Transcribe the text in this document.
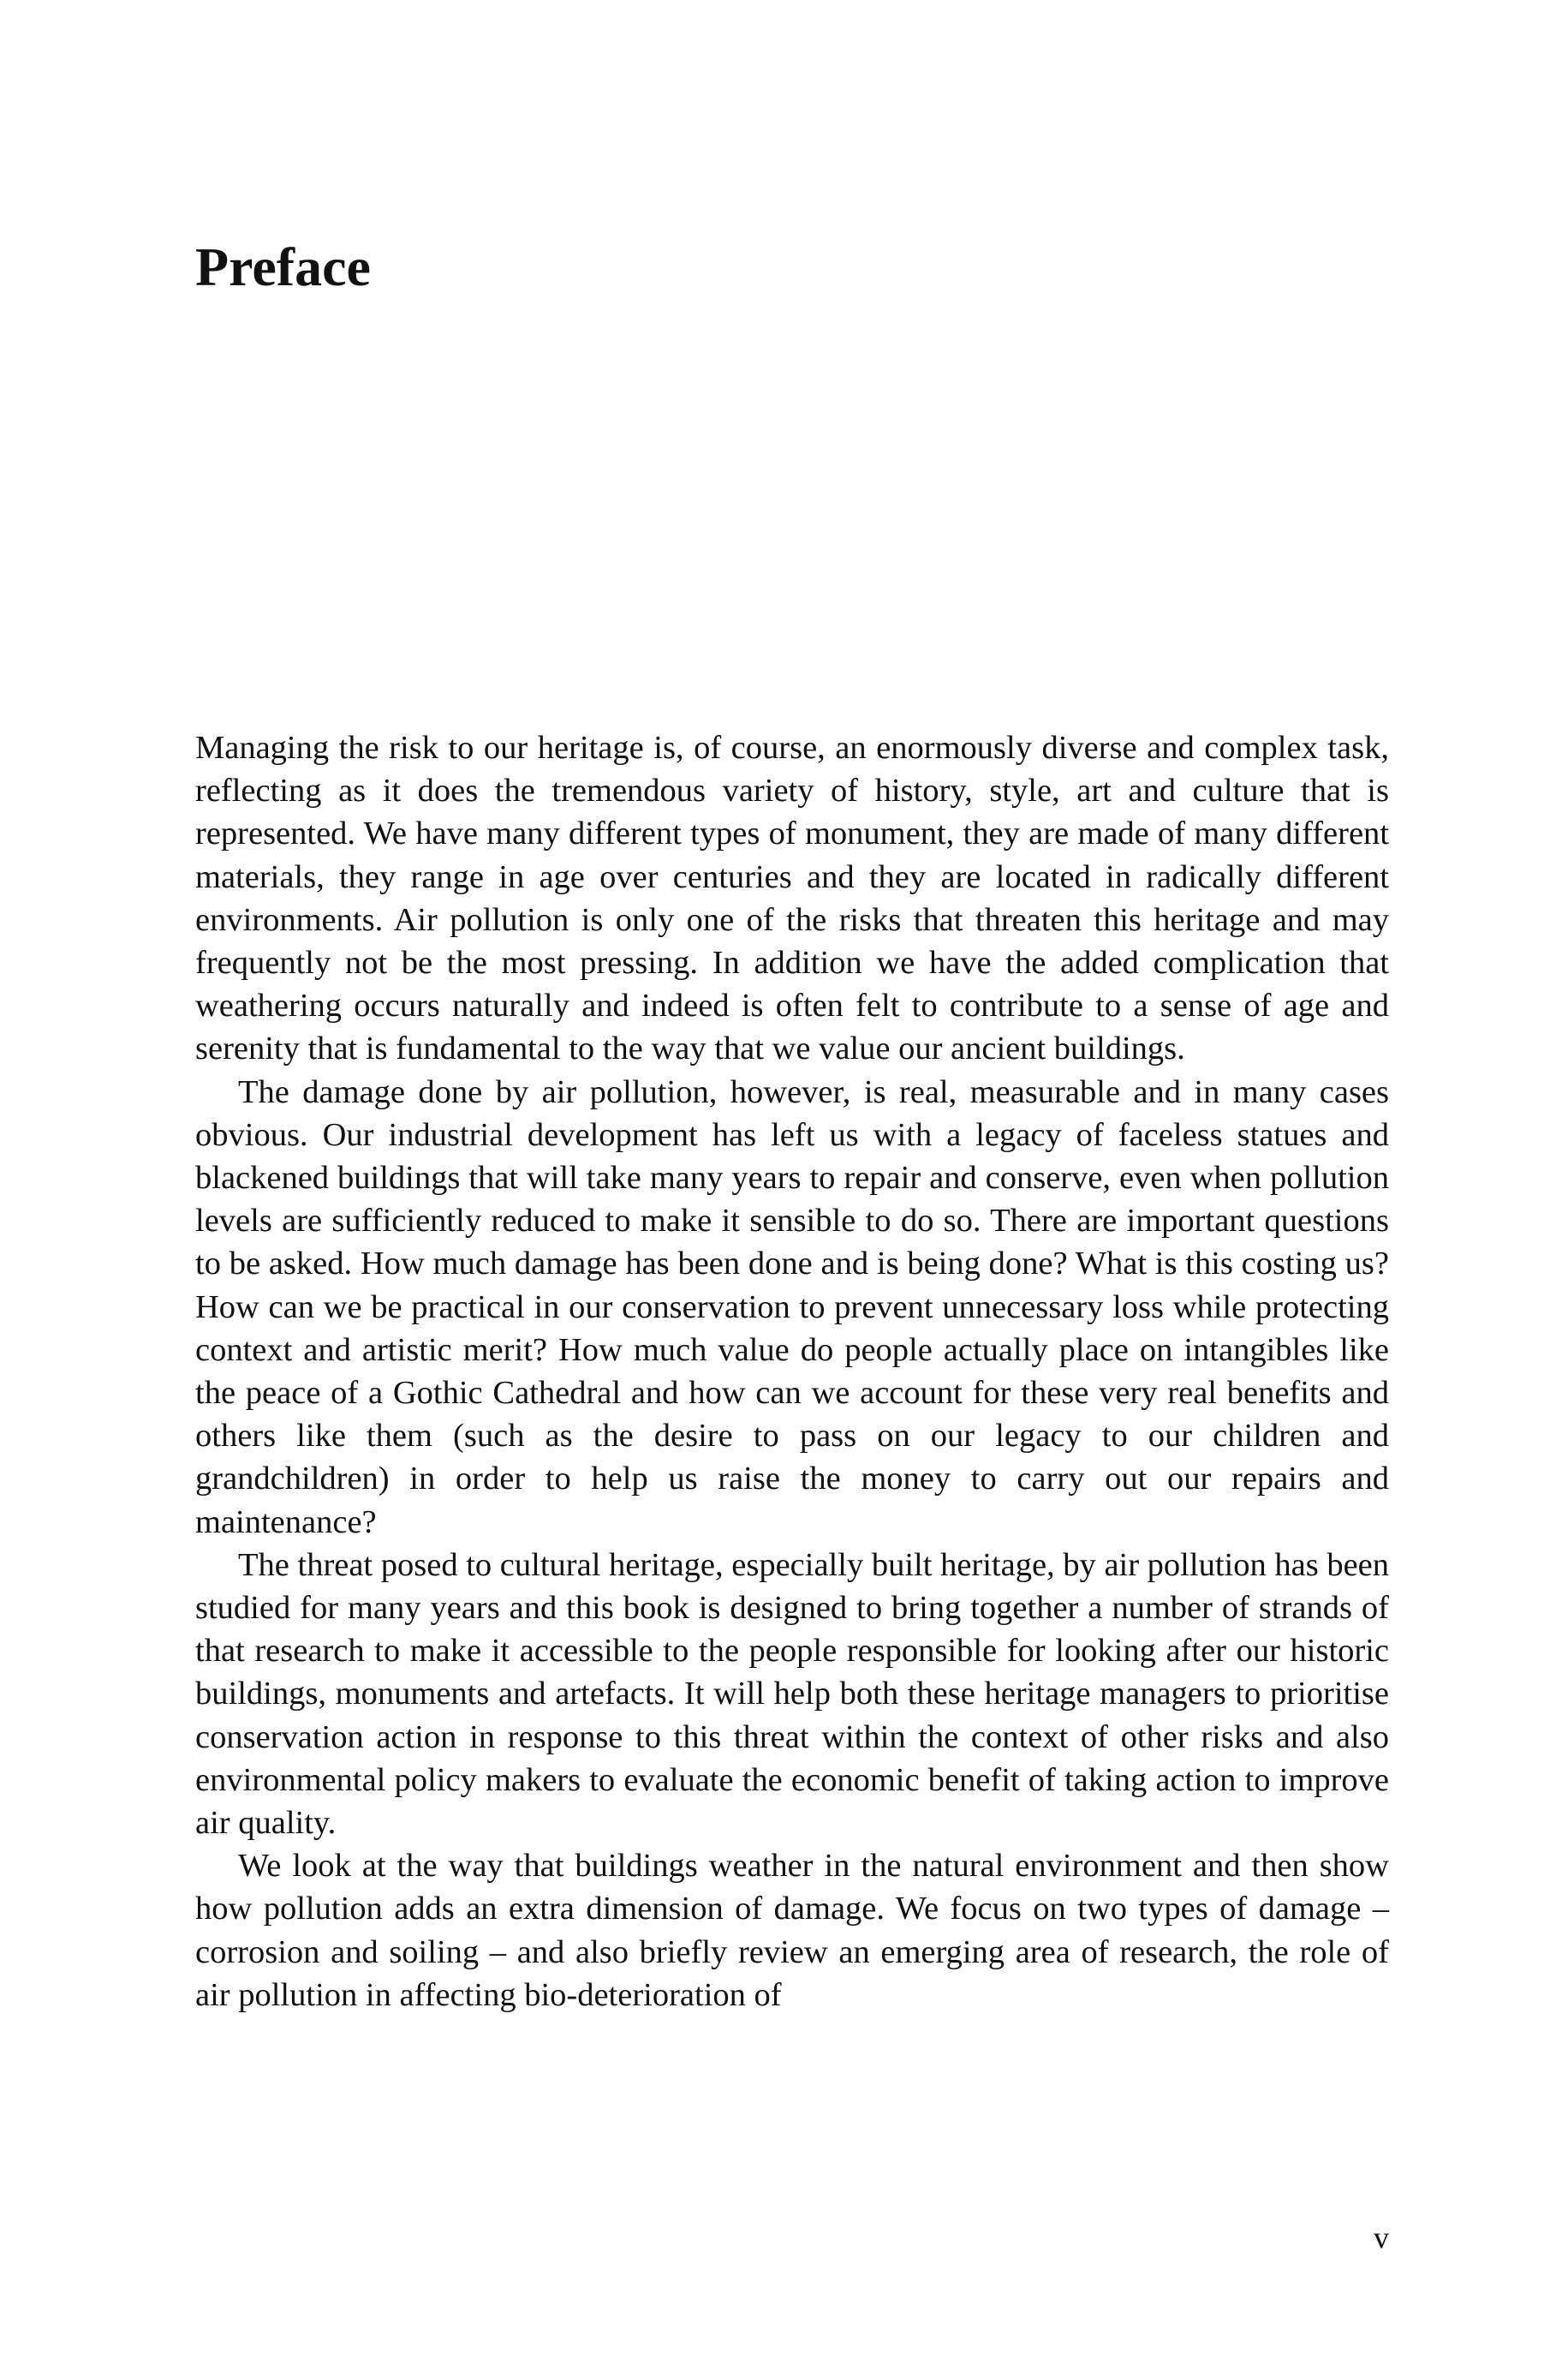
Preface

Managing the risk to our heritage is, of course, an enormously diverse and complex task, reflecting as it does the tremendous variety of history, style, art and culture that is represented. We have many different types of monument, they are made of many different materials, they range in age over centuries and they are located in radically different environments. Air pollution is only one of the risks that threaten this heritage and may frequently not be the most pressing. In addition we have the added complication that weathering occurs naturally and indeed is often felt to contribute to a sense of age and serenity that is fundamental to the way that we value our ancient buildings.

The damage done by air pollution, however, is real, measurable and in many cases obvious. Our industrial development has left us with a legacy of faceless statues and blackened buildings that will take many years to repair and conserve, even when pollution levels are sufficiently reduced to make it sensible to do so. There are important questions to be asked. How much damage has been done and is being done? What is this costing us? How can we be practical in our conservation to prevent unnecessary loss while protecting context and artistic merit? How much value do people actually place on intangibles like the peace of a Gothic Cathedral and how can we account for these very real benefits and others like them (such as the desire to pass on our legacy to our children and grandchildren) in order to help us raise the money to carry out our repairs and maintenance?

The threat posed to cultural heritage, especially built heritage, by air pollution has been studied for many years and this book is designed to bring together a number of strands of that research to make it accessible to the people responsible for looking after our historic buildings, monuments and artefacts. It will help both these heritage managers to prioritise conservation action in response to this threat within the context of other risks and also environmental policy makers to evaluate the economic benefit of taking action to improve air quality.

We look at the way that buildings weather in the natural environment and then show how pollution adds an extra dimension of damage. We focus on two types of damage – corrosion and soiling – and also briefly review an emerging area of research, the role of air pollution in affecting bio-deterioration of

v
